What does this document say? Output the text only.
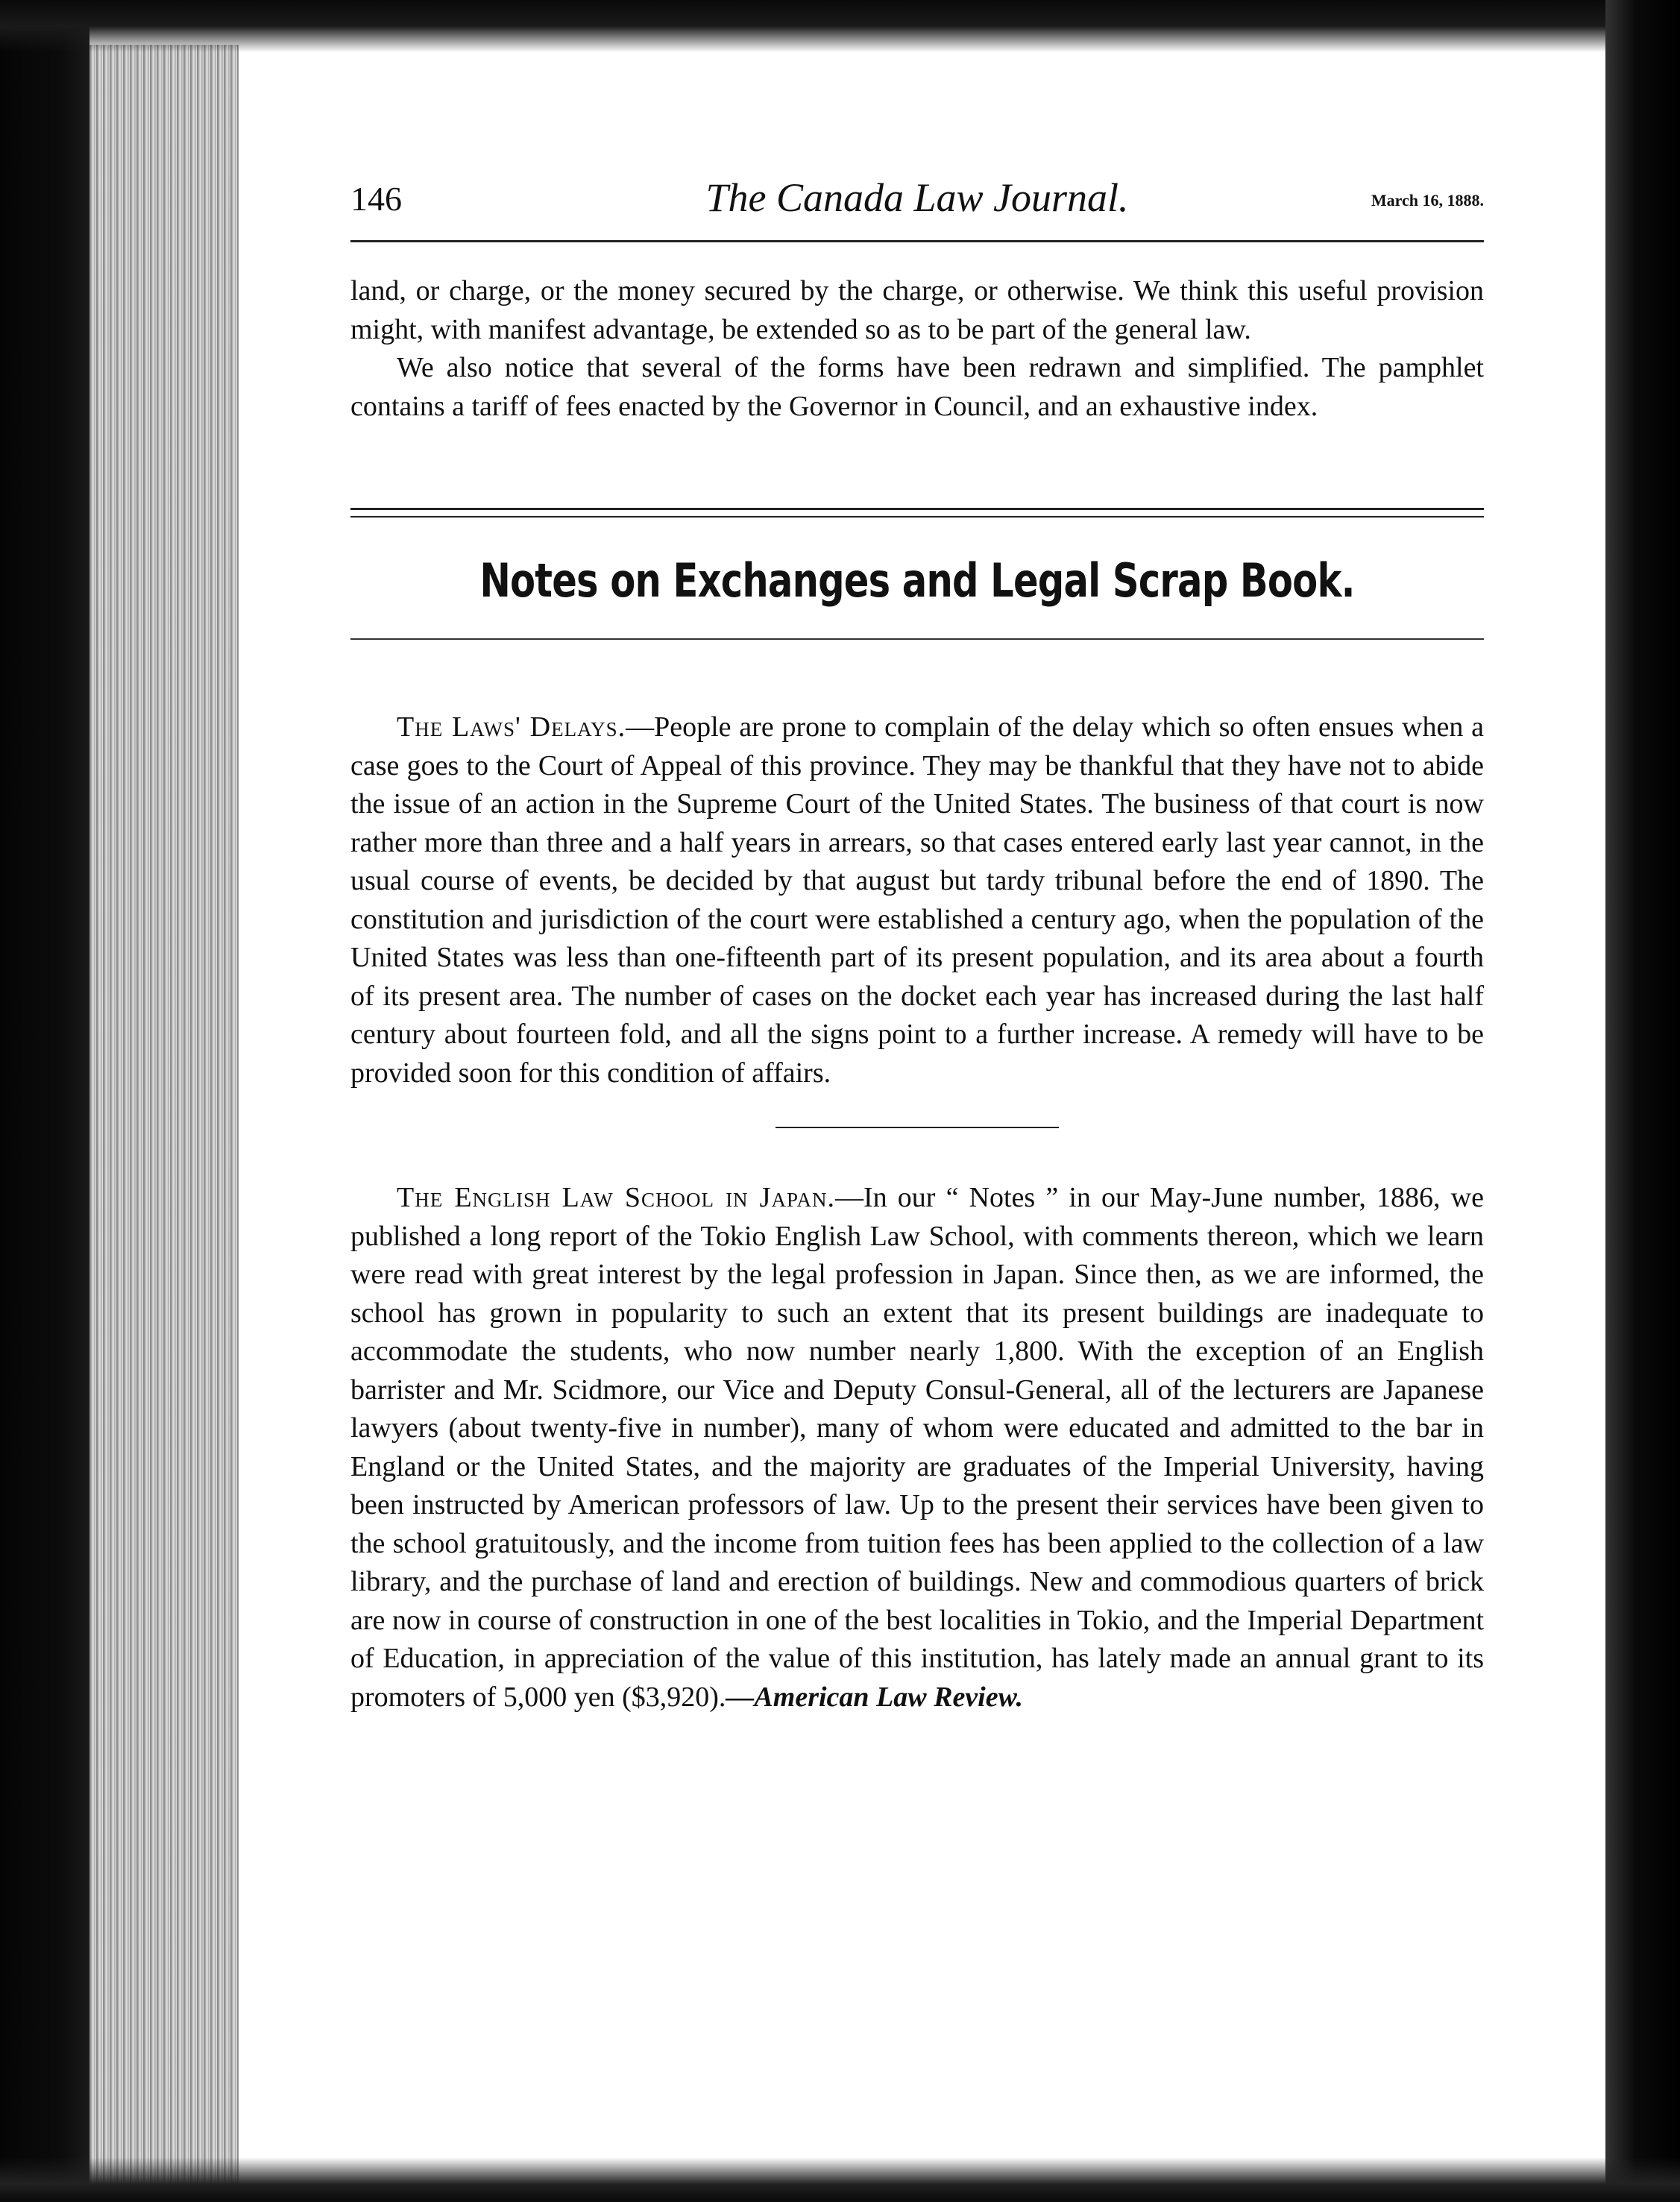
146	The Canada Law Journal.	March 16, 1888.

land, or charge, or the money secured by the charge, or otherwise. We think this useful provision might, with manifest advantage, be extended so as to be part of the general law.

We also notice that several of the forms have been redrawn and simplified. The pamphlet contains a tariff of fees enacted by the Governor in Council, and an exhaustive index.

Notes on Exchanges and Legal Scrap Book.

The Laws' Delays.—People are prone to complain of the delay which so often ensues when a case goes to the Court of Appeal of this province. They may be thankful that they have not to abide the issue of an action in the Supreme Court of the United States. The business of that court is now rather more than three and a half years in arrears, so that cases entered early last year cannot, in the usual course of events, be decided by that august but tardy tribunal before the end of 1890. The constitution and jurisdiction of the court were established a century ago, when the population of the United States was less than one-fifteenth part of its present population, and its area about a fourth of its present area. The number of cases on the docket each year has increased during the last half century about fourteen fold, and all the signs point to a further increase. A remedy will have to be provided soon for this condition of affairs.

The English Law School in Japan.—In our “ Notes ” in our May-June number, 1886, we published a long report of the Tokio English Law School, with comments thereon, which we learn were read with great interest by the legal profession in Japan. Since then, as we are informed, the school has grown in popularity to such an extent that its present buildings are inadequate to accommodate the students, who now number nearly 1,800. With the exception of an English barrister and Mr. Scidmore, our Vice and Deputy Consul-General, all of the lecturers are Japanese lawyers (about twenty-five in number), many of whom were educated and admitted to the bar in England or the United States, and the majority are graduates of the Imperial University, having been instructed by American professors of law. Up to the present their services have been given to the school gratuitously, and the income from tuition fees has been applied to the collection of a law library, and the purchase of land and erection of buildings. New and commodious quarters of brick are now in course of construction in one of the best localities in Tokio, and the Imperial Department of Education, in appreciation of the value of this institution, has lately made an annual grant to its promoters of 5,000 yen ($3,920).—American Law Review.
